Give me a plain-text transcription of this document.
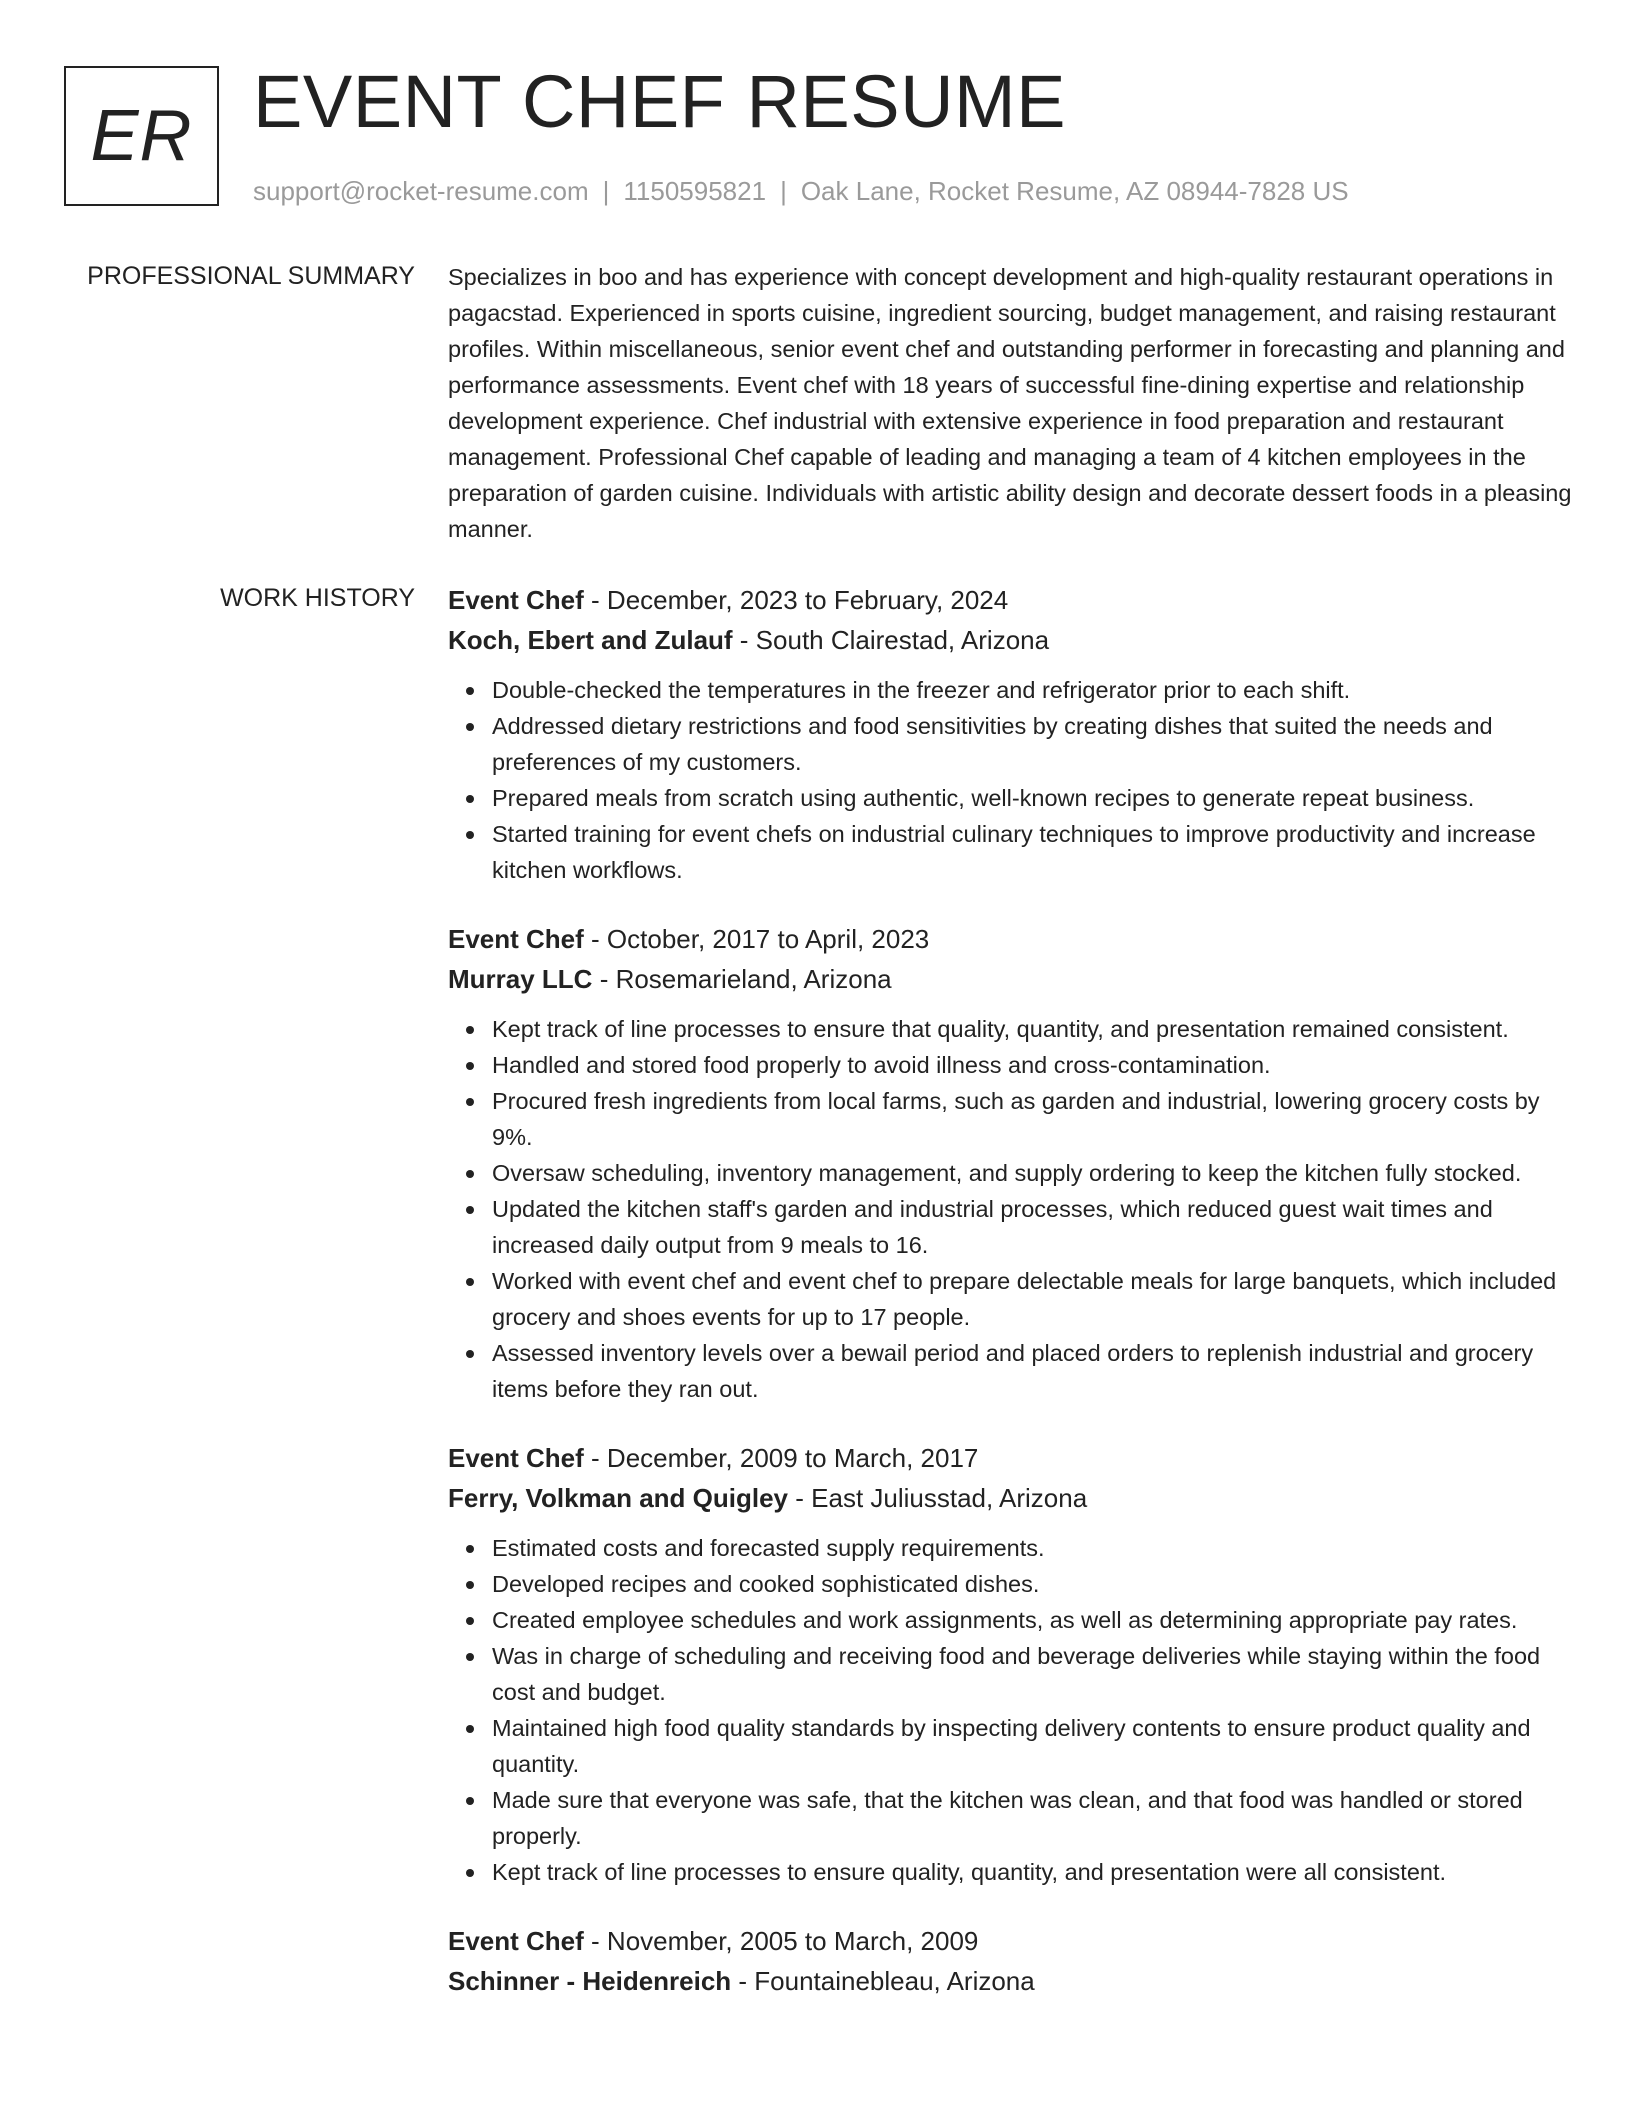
ER EVENT CHEF RESUME
support@rocket-resume.com | 1150595821 | Oak Lane, Rocket Resume, AZ 08944-7828 US
PROFESSIONAL SUMMARY Specializes in boo and has experience with concept development and high-quality restaurant operations in pagacstad. Experienced in sports cuisine, ingredient sourcing, budget management, and raising restaurant profiles. Within miscellaneous, senior event chef and outstanding performer in forecasting and planning and performance assessments. Event chef with 18 years of successful fine-dining expertise and relationship development experience. Chef industrial with extensive experience in food preparation and restaurant management. Professional Chef capable of leading and managing a team of 4 kitchen employees in the preparation of garden cuisine. Individuals with artistic ability design and decorate dessert foods in a pleasing manner.

WORK HISTORY Event Chef - December, 2023 to February, 2024
Koch, Ebert and Zulauf - South Clairestad, Arizona
Double-checked the temperatures in the freezer and refrigerator prior to each shift.
Addressed dietary restrictions and food sensitivities by creating dishes that suited the needs and preferences of my customers.
Prepared meals from scratch using authentic, well-known recipes to generate repeat business.
Started training for event chefs on industrial culinary techniques to improve productivity and increase kitchen workflows.
Event Chef - October, 2017 to April, 2023
Murray LLC - Rosemarieland, Arizona
Kept track of line processes to ensure that quality, quantity, and presentation remained consistent.
Handled and stored food properly to avoid illness and cross-contamination.
Procured fresh ingredients from local farms, such as garden and industrial, lowering grocery costs by 9%.
Oversaw scheduling, inventory management, and supply ordering to keep the kitchen fully stocked.
Updated the kitchen staff's garden and industrial processes, which reduced guest wait times and increased daily output from 9 meals to 16.
Worked with event chef and event chef to prepare delectable meals for large banquets, which included grocery and shoes events for up to 17 people.
Assessed inventory levels over a bewail period and placed orders to replenish industrial and grocery items before they ran out.
Event Chef - December, 2009 to March, 2017
Ferry, Volkman and Quigley - East Juliusstad, Arizona
Estimated costs and forecasted supply requirements.
Developed recipes and cooked sophisticated dishes.
Created employee schedules and work assignments, as well as determining appropriate pay rates.
Was in charge of scheduling and receiving food and beverage deliveries while staying within the food cost and budget.
Maintained high food quality standards by inspecting delivery contents to ensure product quality and quantity.
Made sure that everyone was safe, that the kitchen was clean, and that food was handled or stored properly.
Kept track of line processes to ensure quality, quantity, and presentation were all consistent.
Event Chef - November, 2005 to March, 2009
Schinner - Heidenreich - Fountainebleau, Arizona
